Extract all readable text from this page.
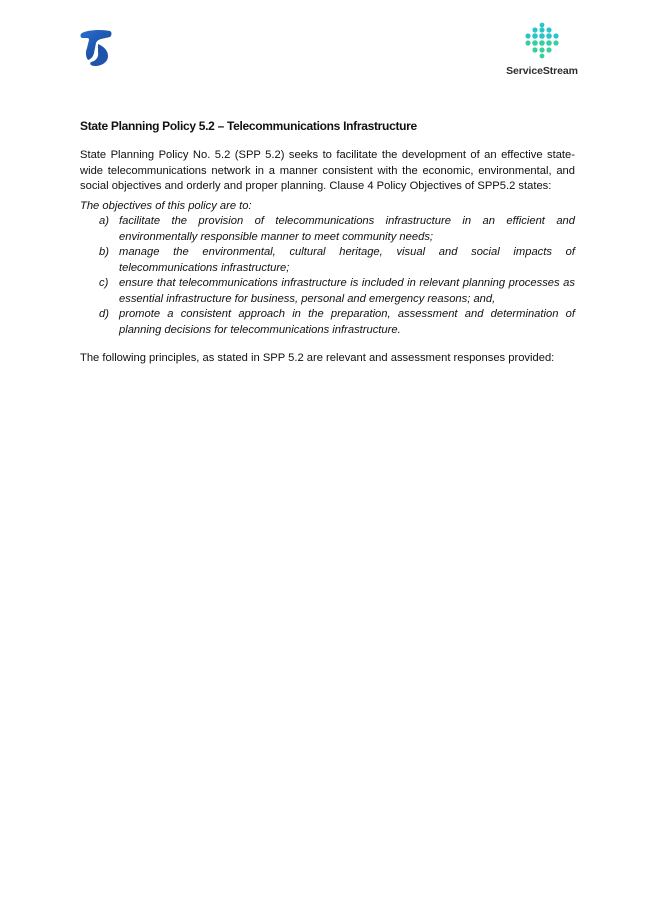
ServiceStream
State Planning Policy 5.2 – Telecommunications Infrastructure

State Planning Policy No. 5.2 (SPP 5.2) seeks to facilitate the development of an effective state-wide telecommunications network in a manner consistent with the economic, environmental, and social objectives and orderly and proper planning. Clause 4 Policy Objectives of SPP5.2 states:

The objectives of this policy are to:

a) facilitate the provision of telecommunications infrastructure in an efficient and environmentally responsible manner to meet community needs;
b) manage the environmental, cultural heritage, visual and social impacts of telecommunications infrastructure;
c) ensure that telecommunications infrastructure is included in relevant planning processes as essential infrastructure for business, personal and emergency reasons; and,
d) promote a consistent approach in the preparation, assessment and determination of planning decisions for telecommunications infrastructure.

The following principles, as stated in SPP 5.2 are relevant and assessment responses provided:
